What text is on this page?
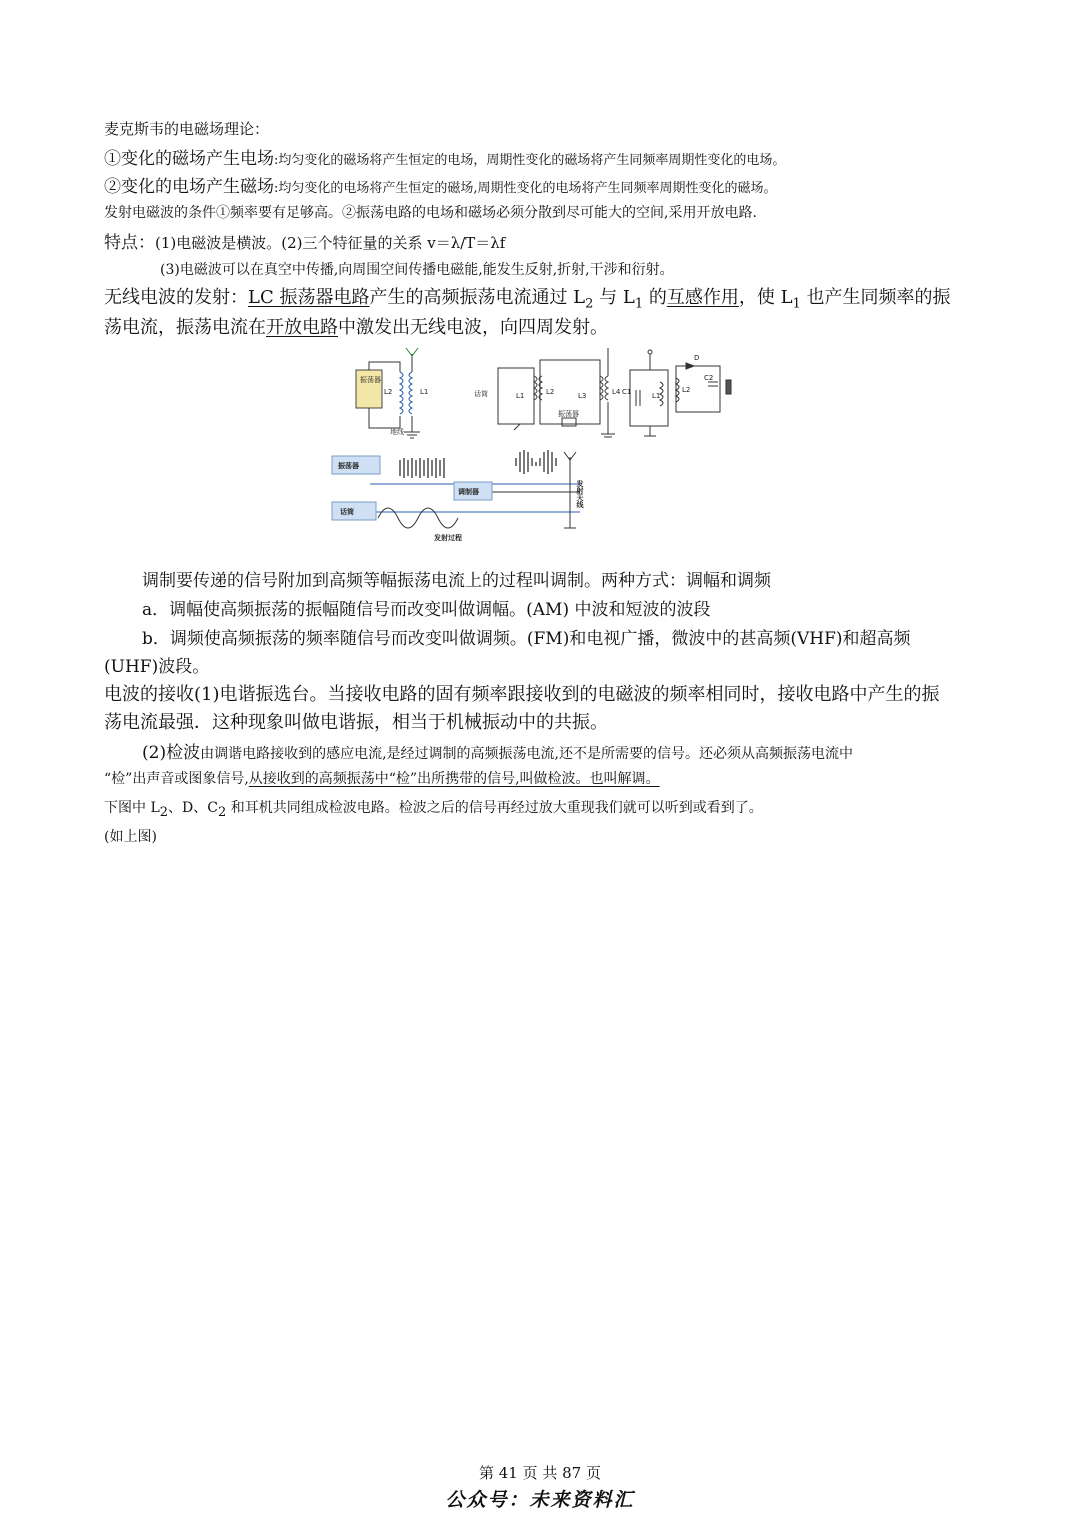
麦克斯韦的电磁场理论：
①变化的磁场产生电场:均匀变化的磁场将产生恒定的电场，周期性变化的磁场将产生同频率周期性变化的电场。
②变化的电场产生磁场:均匀变化的电场将产生恒定的磁场,周期性变化的电场将产生同频率周期性变化的磁场。
发射电磁波的条件①频率要有足够高。②振荡电路的电场和磁场必须分散到尽可能大的空间,采用开放电路.
特点：(1)电磁波是横波。(2)三个特征量的关系 v＝λ/T＝λf
(3)电磁波可以在真空中传播,向周围空间传播电磁能,能发生反射,折射,干涉和衍射。
无线电波的发射：LC 振荡器电路产生的高频振荡电流通过 $L_2$ 与 $L_1$ 的互感作用，使 $L_1$ 也产生同频率的振
荡电流，振荡电流在开放电路中激发出无线电波，向四周发射。
振荡器
L2	L1
地线
话筒	L1	L2	L3	L4
振荡器
C1	L1
L2
C2
D
振荡器
调制器
话筒
发射天线
发射过程
调制要传递的信号附加到高频等幅振荡电流上的过程叫调制。两种方式：调幅和调频
a．调幅使高频振荡的振幅随信号而改变叫做调幅。(AM) 中波和短波的波段
b．调频使高频振荡的频率随信号而改变叫做调频。(FM)和电视广播，微波中的甚高频(VHF)和超高频
(UHF)波段。
电波的接收(1)电谐振选台。当接收电路的固有频率跟接收到的电磁波的频率相同时，接收电路中产生的振
荡电流最强．这种现象叫做电谐振，相当于机械振动中的共振。
(2)检波由调谐电路接收到的感应电流,是经过调制的高频振荡电流,还不是所需要的信号。还必须从高频振荡电流中
“检”出声音或图象信号,从接收到的高频振荡中“检”出所携带的信号,叫做检波。也叫解调。
下图中 $L_2$、D、$C_2$ 和耳机共同组成检波电路。检波之后的信号再经过放大重现我们就可以听到或看到了。
(如上图)
第 41 页 共 87 页
公众号：未来资料汇
